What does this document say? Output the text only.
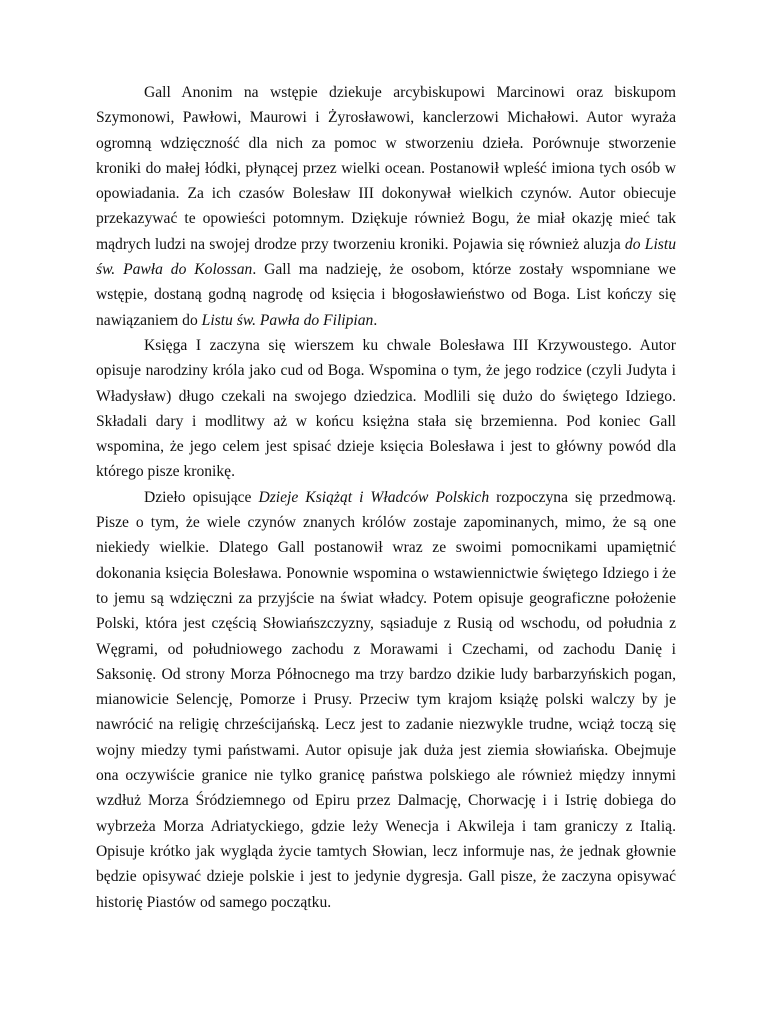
Gall Anonim na wstępie dziekuje arcybiskupowi Marcinowi oraz biskupom Szymonowi, Pawłowi, Maurowi i Żyrosławowi, kanclerzowi Michałowi. Autor wyraża ogromną wdzięczność dla nich za pomoc w stworzeniu dzieła. Porównuje stworzenie kroniki do małej łódki, płynącej przez wielki ocean. Postanowił wpleść imiona tych osób w opowiadania. Za ich czasów Bolesław III dokonywał wielkich czynów. Autor obiecuje przekazywać te opowieści potomnym. Dziękuje również Bogu, że miał okazję mieć tak mądrych ludzi na swojej drodze przy tworzeniu kroniki. Pojawia się również aluzja do Listu św. Pawła do Kolossan. Gall ma nadzieję, że osobom, którze zostały wspomniane we wstępie, dostaną godną nagrodę od księcia i błogosławieństwo od Boga. List kończy się nawiązaniem do Listu św. Pawła do Filipian.

Księga I zaczyna się wierszem ku chwale Bolesława III Krzywoustego. Autor opisuje narodziny króla jako cud od Boga. Wspomina o tym, że jego rodzice (czyli Judyta i Władysław) długo czekali na swojego dziedzica. Modlili się dużo do świętego Idziego. Składali dary i modlitwy aż w końcu księżna stała się brzemienna. Pod koniec Gall wspomina, że jego celem jest spisać dzieje księcia Bolesława i jest to główny powód dla którego pisze kronikę.

Dzieło opisujące Dzieje Książąt i Władców Polskich rozpoczyna się przedmową. Pisze o tym, że wiele czynów znanych królów zostaje zapominanych, mimo, że są one niekiedy wielkie. Dlatego Gall postanowił wraz ze swoimi pomocnikami upamiętnić dokonania księcia Bolesława. Ponownie wspomina o wstawiennictwie świętego Idziego i że to jemu są wdzięczni za przyjście na świat władcy. Potem opisuje geograficzne położenie Polski, która jest częścią Słowiańszczyzny, sąsiaduje z Rusią od wschodu, od południa z Węgrami, od południowego zachodu z Morawami i Czechami, od zachodu Danię i Saksonię. Od strony Morza Północnego ma trzy bardzo dzikie ludy barbarzyńskich pogan, mianowicie Selencję, Pomorze i Prusy. Przeciw tym krajom książę polski walczy by je nawrócić na religię chrześcijańską. Lecz jest to zadanie niezwykle trudne, wciąż toczą się wojny miedzy tymi państwami. Autor opisuje jak duża jest ziemia słowiańska. Obejmuje ona oczywiście granice nie tylko granicę państwa polskiego ale również między innymi wzdłuż Morza Śródziemnego od Epiru przez Dalmację, Chorwację i i Istrię dobiega do wybrzeża Morza Adriatyckiego, gdzie leży Wenecja i Akwileja i tam graniczy z Italią. Opisuje krótko jak wygląda życie tamtych Słowian, lecz informuje nas, że jednak głownie będzie opisywać dzieje polskie i jest to jedynie dygresja. Gall pisze, że zaczyna opisywać historię Piastów od samego początku.
